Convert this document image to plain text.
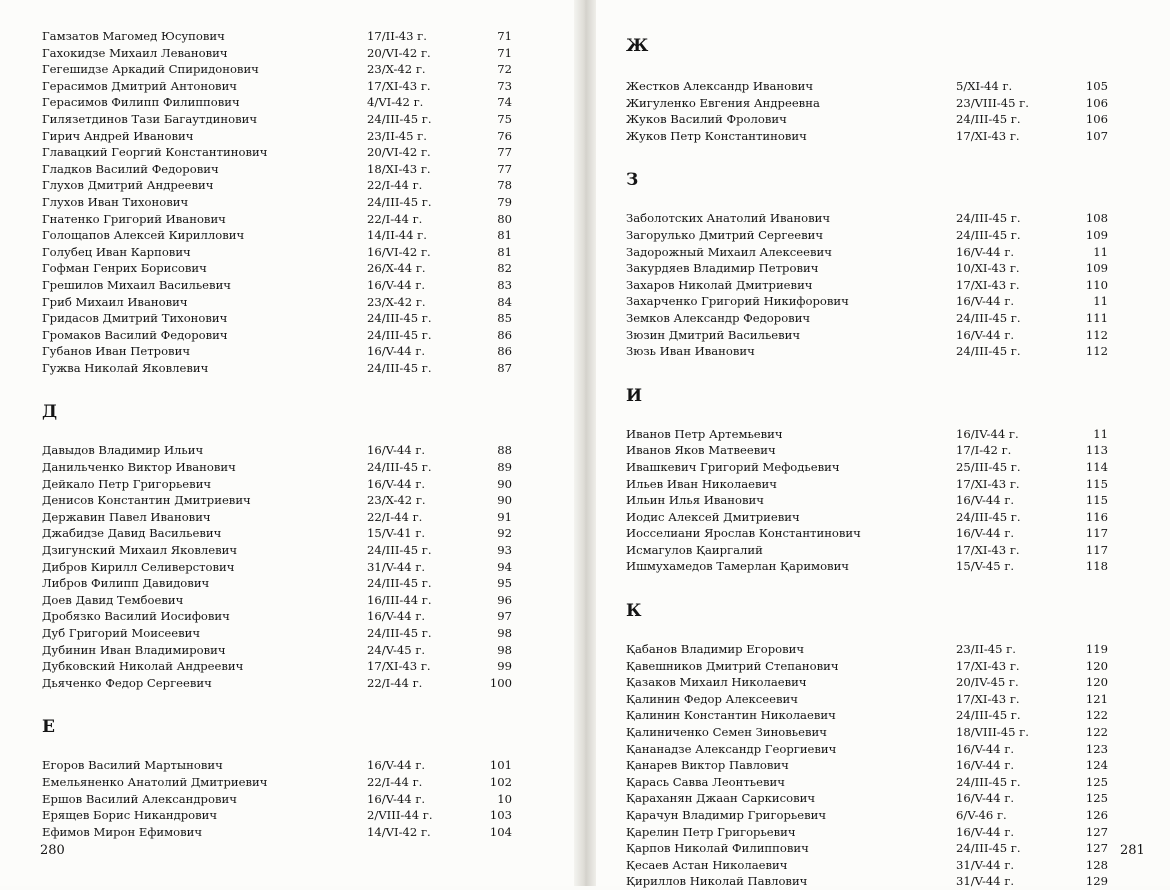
Гамзатов Магомед Юсупович	17/II-43 г.	71
Гахокидзе Михаил Леванович	20/VI-42 г.	71
Гегешидзе Аркадий Спиридонович	23/X-42 г.	72
Герасимов Дмитрий Антонович	17/XI-43 г.	73
Герасимов Филипп Филиппович	4/VI-42 г.	74
Гилязетдинов Тази Багаутдинович	24/III-45 г.	75
Гирич Андрей Иванович	23/II-45 г.	76
Главацкий Георгий Константинович	20/VI-42 г.	77
Гладков Василий Федорович	18/XI-43 г.	77
Глухов Дмитрий Андреевич	22/I-44 г.	78
Глухов Иван Тихонович	24/III-45 г.	79
Гнатенко Григорий Иванович	22/I-44 г.	80
Голощапов Алексей Кириллович	14/II-44 г.	81
Голубец Иван Карпович	16/VI-42 г.	81
Гофман Генрих Борисович	26/X-44 г.	82
Грешилов Михаил Васильевич	16/V-44 г.	83
Гриб Михаил Иванович	23/X-42 г.	84
Гридасов Дмитрий Тихонович	24/III-45 г.	85
Громаков Василий Федорович	24/III-45 г.	86
Губанов Иван Петрович	16/V-44 г.	86
Гужва Николай Яковлевич	24/III-45 г.	87
Д
Давыдов Владимир Ильич	16/V-44 г.	88
Данильченко Виктор Иванович	24/III-45 г.	89
Дейкало Петр Григорьевич	16/V-44 г.	90
Денисов Константин Дмитриевич	23/X-42 г.	90
Державин Павел Иванович	22/I-44 г.	91
Джабидзе Давид Васильевич	15/V-41 г.	92
Дзигунский Михаил Яковлевич	24/III-45 г.	93
Дибров Кирилл Селиверстович	31/V-44 г.	94
Либров Филипп Давидович	24/III-45 г.	95
Доев Давид Тембоевич	16/III-44 г.	96
Дробязко Василий Иосифович	16/V-44 г.	97
Дуб Григорий Моисеевич	24/III-45 г.	98
Дубинин Иван Владимирович	24/V-45 г.	98
Дубковский Николай Андреевич	17/XI-43 г.	99
Дьяченко Федор Сергеевич	22/I-44 г.	100
Е
Егоров Василий Мартынович	16/V-44 г.	101
Емельяненко Анатолий Дмитриевич	22/I-44 г.	102
Ершов Василий Александрович	16/V-44 г.	10
Ерящев Борис Никандрович	2/VIII-44 г.	103
Ефимов Мирон Ефимович	14/VI-42 г.	104
Ж
Жестков Александр Иванович	5/XI-44 г.	105
Жигуленко Евгения Андреевна	23/VIII-45 г.	106
Жуков Василий Фролович	24/III-45 г.	106
Жуков Петр Константинович	17/XI-43 г.	107
З
Заболотских Анатолий Иванович	24/III-45 г.	108
Загорулько Дмитрий Сергеевич	24/III-45 г.	109
Задорожный Михаил Алексеевич	16/V-44 г.	11
Закурдяев Владимир Петрович	10/XI-43 г.	109
Захаров Николай Дмитриевич	17/XI-43 г.	110
Захарченко Григорий Никифорович	16/V-44 г.	11
Земков Александр Федорович	24/III-45 г.	111
Зюзин Дмитрий Васильевич	16/V-44 г.	112
Зюзь Иван Иванович	24/III-45 г.	112
И
Иванов Петр Артемьевич	16/IV-44 г.	11
Иванов Яков Матвеевич	17/I-42 г.	113
Ивашкевич Григорий Мефодьевич	25/III-45 г.	114
Ильев Иван Николаевич	17/XI-43 г.	115
Ильин Илья Иванович	16/V-44 г.	115
Иодис Алексей Дмитриевич	24/III-45 г.	116
Иосселиани Ярослав Константинович	16/V-44 г.	117
Исмагулов Қаиргалий	17/XI-43 г.	117
Ишмухамедов Тамерлан Қаримович	15/V-45 г.	118
К
Қабанов Владимир Егорович	23/II-45 г.	119
Қавешников Дмитрий Степанович	17/XI-43 г.	120
Қазаков Михаил Николаевич	20/IV-45 г.	120
Қалинин Федор Алексеевич	17/XI-43 г.	121
Қалинин Константин Николаевич	24/III-45 г.	122
Қалиниченко Семен Зиновьевич	18/VIII-45 г.	122
Қананадзе Александр Георгиевич	16/V-44 г.	123
Қанарев Виктор Павлович	16/V-44 г.	124
Қарась Савва Леонтьевич	24/III-45 г.	125
Қараханян Джаан Саркисович	16/V-44 г.	125
Қарачун Владимир Григорьевич	6/V-46 г.	126
Қарелин Петр Григорьевич	16/V-44 г.	127
Қарпов Николай Филиппович	24/III-45 г.	127
Қесаев Астан Николаевич	31/V-44 г.	128
Қириллов Николай Павлович	31/V-44 г.	129
280	281
